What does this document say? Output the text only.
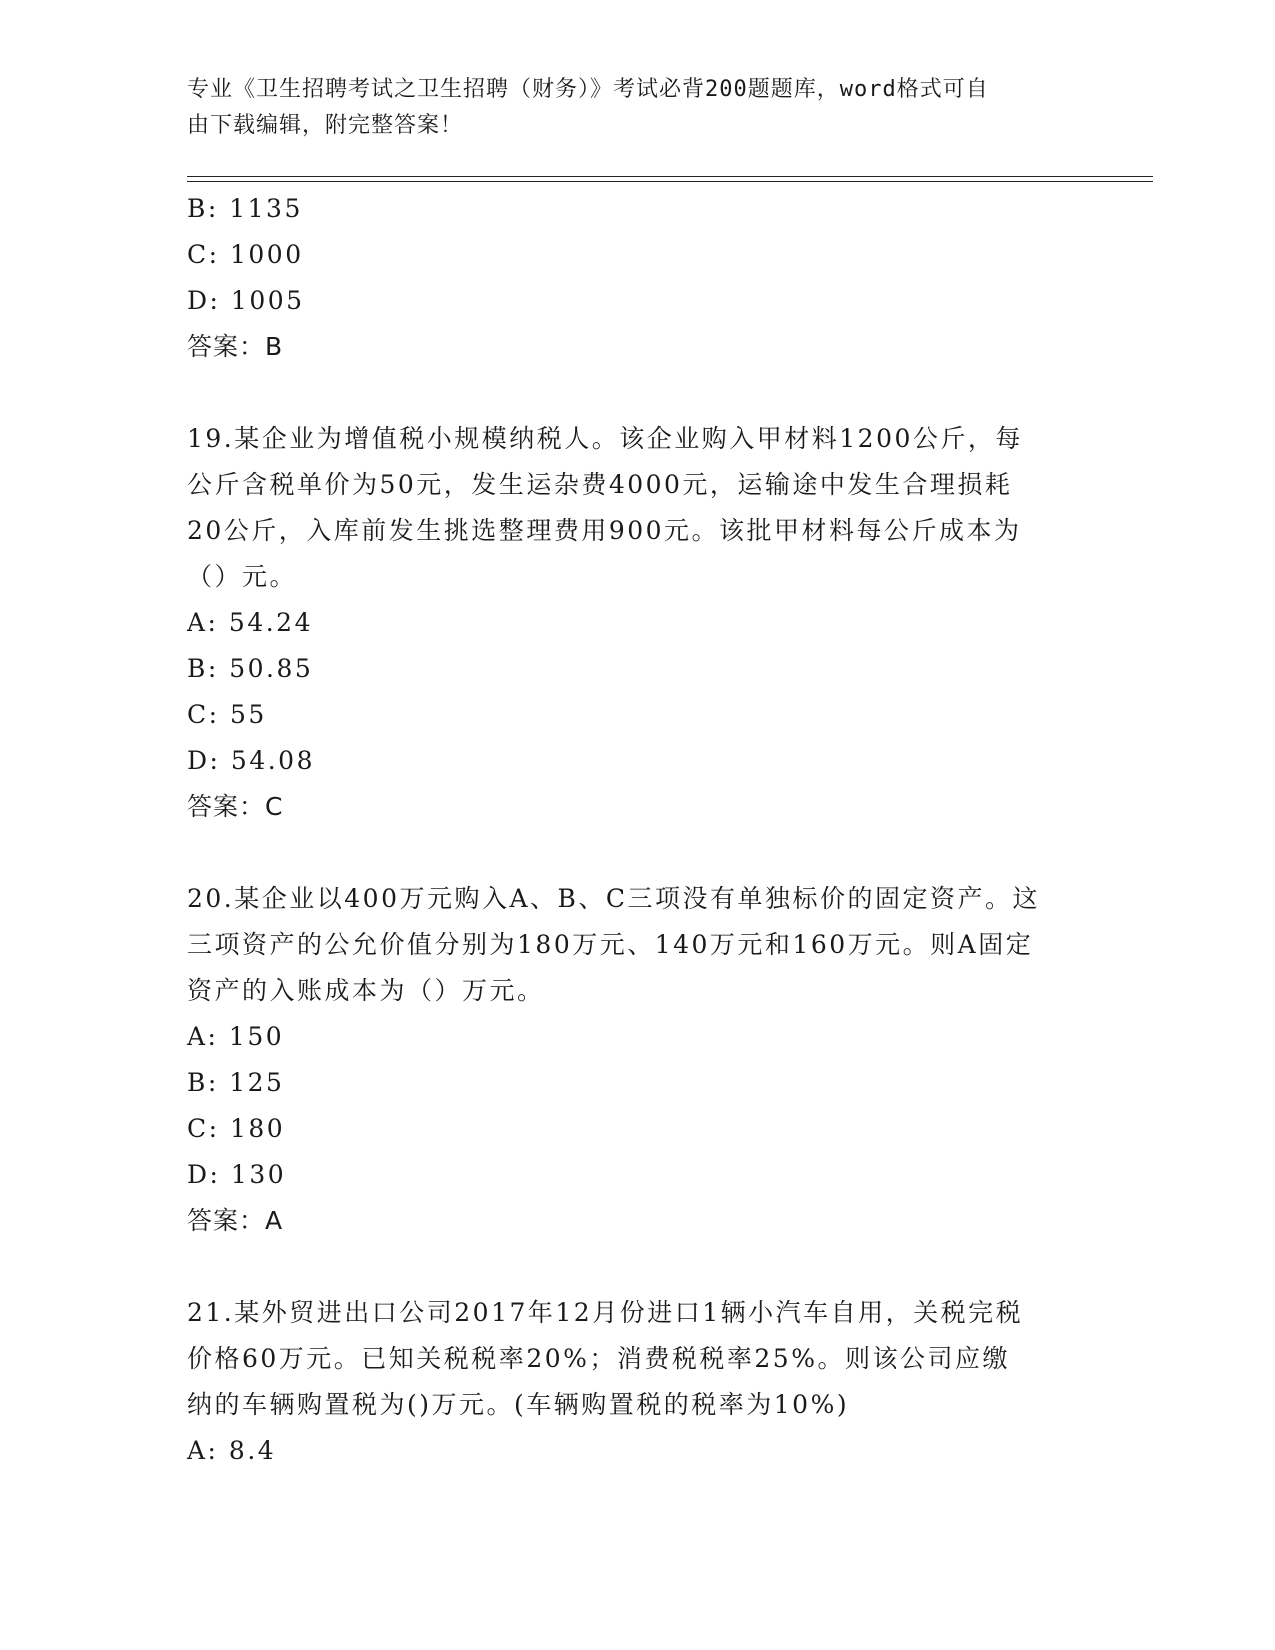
专业《卫生招聘考试之卫生招聘（财务）》考试必背200题题库，word格式可自
由下载编辑，附完整答案！
B: 1135
C: 1000
D: 1005
答案：B
19.某企业为增值税小规模纳税人。该企业购入甲材料1200公斤，每
公斤含税单价为50元，发生运杂费4000元，运输途中发生合理损耗
20公斤，入库前发生挑选整理费用900元。该批甲材料每公斤成本为
（）元。
A: 54.24
B: 50.85
C: 55
D: 54.08
答案：C
20.某企业以400万元购入A、B、C三项没有单独标价的固定资产。这
三项资产的公允价值分别为180万元、140万元和160万元。则A固定
资产的入账成本为（）万元。
A: 150
B: 125
C: 180
D: 130
答案：A
21.某外贸进出口公司2017年12月份进口1辆小汽车自用，关税完税
价格60万元。已知关税税率20%；消费税税率25%。则该公司应缴
纳的车辆购置税为()万元。(车辆购置税的税率为10%)
A: 8.4
